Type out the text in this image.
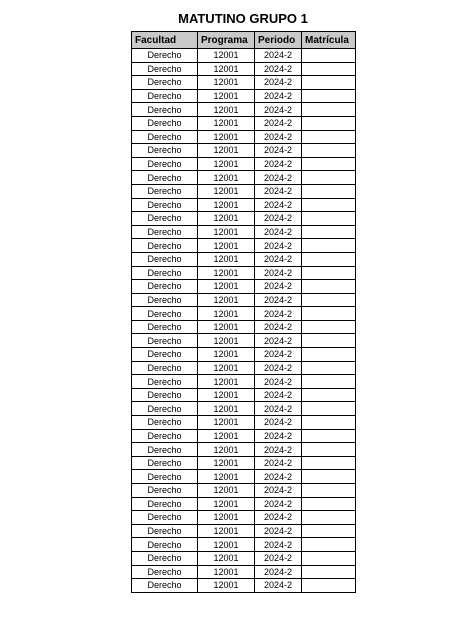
MATUTINO GRUPO 1
Facultad	Programa	Periodo	Matrícula
Derecho	12001	2024-2	
Derecho	12001	2024-2	
Derecho	12001	2024-2	
Derecho	12001	2024-2	
Derecho	12001	2024-2	
Derecho	12001	2024-2	
Derecho	12001	2024-2	
Derecho	12001	2024-2	
Derecho	12001	2024-2	
Derecho	12001	2024-2	
Derecho	12001	2024-2	
Derecho	12001	2024-2	
Derecho	12001	2024-2	
Derecho	12001	2024-2	
Derecho	12001	2024-2	
Derecho	12001	2024-2	
Derecho	12001	2024-2	
Derecho	12001	2024-2	
Derecho	12001	2024-2	
Derecho	12001	2024-2	
Derecho	12001	2024-2	
Derecho	12001	2024-2	
Derecho	12001	2024-2	
Derecho	12001	2024-2	
Derecho	12001	2024-2	
Derecho	12001	2024-2	
Derecho	12001	2024-2	
Derecho	12001	2024-2	
Derecho	12001	2024-2	
Derecho	12001	2024-2	
Derecho	12001	2024-2	
Derecho	12001	2024-2	
Derecho	12001	2024-2	
Derecho	12001	2024-2	
Derecho	12001	2024-2	
Derecho	12001	2024-2	
Derecho	12001	2024-2	
Derecho	12001	2024-2	
Derecho	12001	2024-2	
Derecho	12001	2024-2	
